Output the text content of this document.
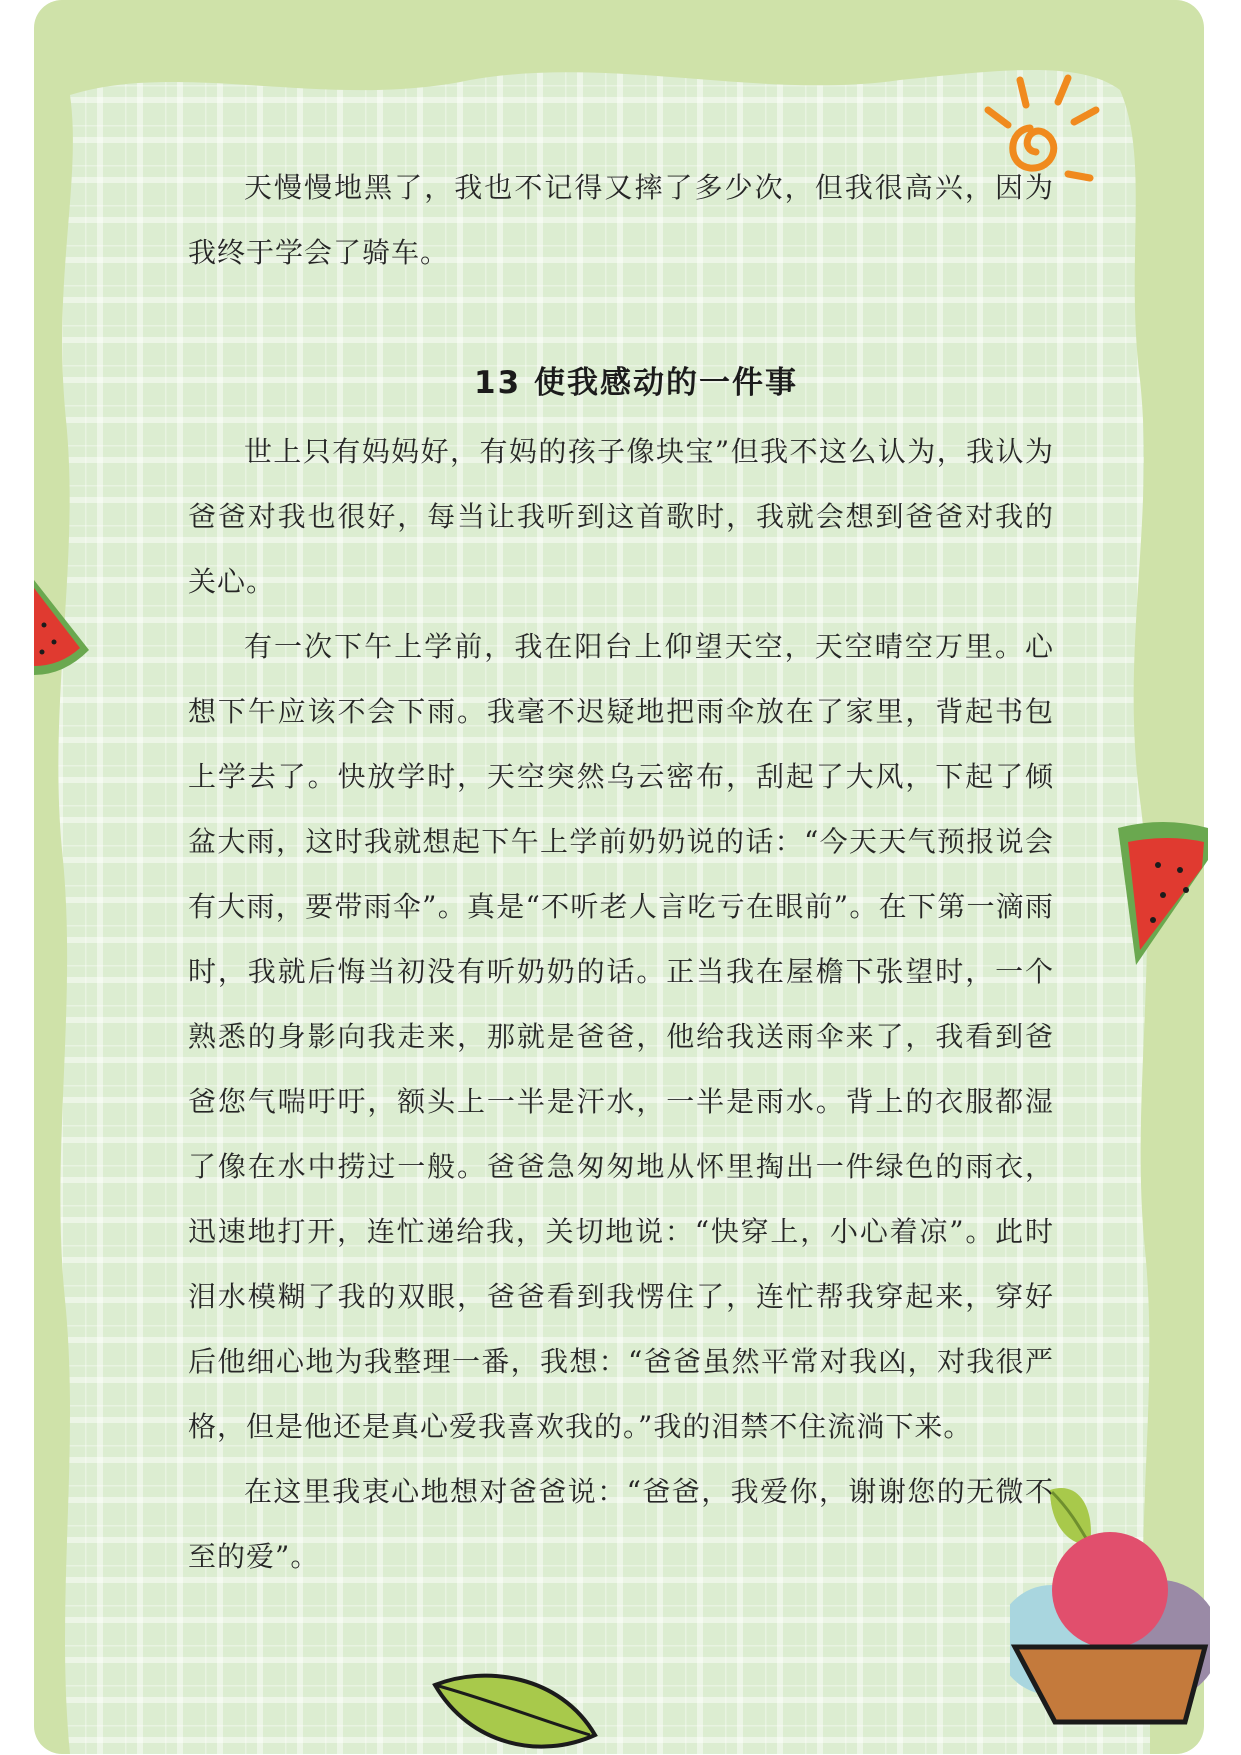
天慢慢地黑了，我也不记得又摔了多少次，但我很高兴，因为我终于学会了骑车。

13 使我感动的一件事

世上只有妈妈好，有妈的孩子像块宝”但我不这么认为，我认为爸爸对我也很好，每当让我听到这首歌时，我就会想到爸爸对我的关心。

有一次下午上学前，我在阳台上仰望天空，天空晴空万里。心想下午应该不会下雨。我毫不迟疑地把雨伞放在了家里，背起书包上学去了。快放学时，天空突然乌云密布，刮起了大风，下起了倾盆大雨，这时我就想起下午上学前奶奶说的话：“今天天气预报说会有大雨，要带雨伞”。真是“不听老人言吃亏在眼前”。在下第一滴雨时，我就后悔当初没有听奶奶的话。正当我在屋檐下张望时，一个熟悉的身影向我走来，那就是爸爸，他给我送雨伞来了，我看到爸爸您气喘吁吁，额头上一半是汗水，一半是雨水。背上的衣服都湿了像在水中捞过一般。爸爸急匆匆地从怀里掏出一件绿色的雨衣，迅速地打开，连忙递给我，关切地说：“快穿上，小心着凉”。此时泪水模糊了我的双眼，爸爸看到我愣住了，连忙帮我穿起来，穿好后他细心地为我整理一番，我想：“爸爸虽然平常对我凶，对我很严格，但是他还是真心爱我喜欢我的。”我的泪禁不住流淌下来。

在这里我衷心地想对爸爸说：“爸爸，我爱你，谢谢您的无微不至的爱”。
